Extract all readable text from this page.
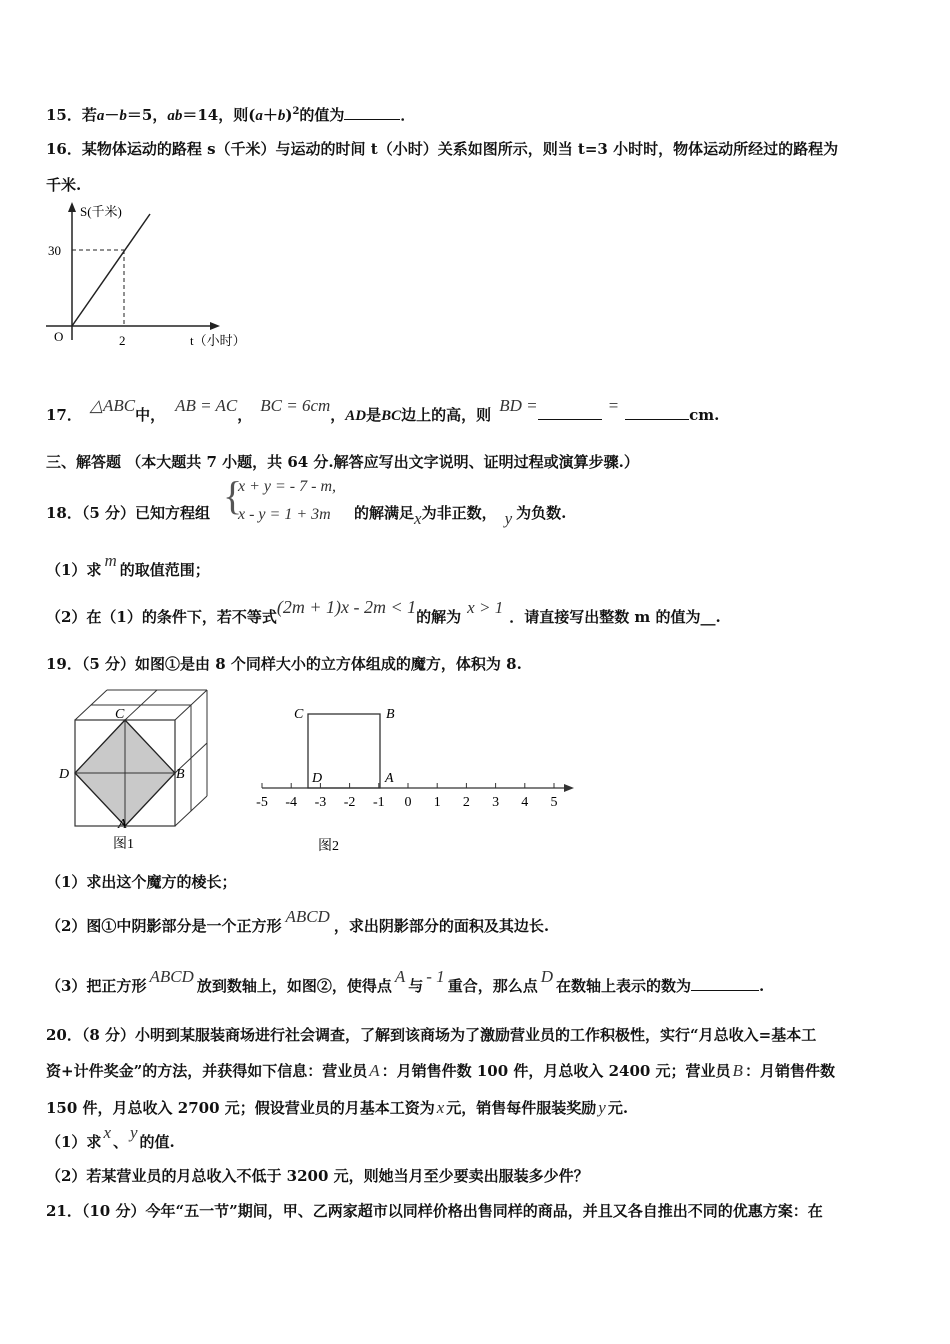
15．若a－b＝5，ab＝14，则$(a+b)^2$的值为	．
16．某物体运动的路程 s（千米）与运动的时间 t（小时）关系如图所示，则当 t=3 小时时，物体运动所经过的路程为
千米.
S(千米)
t（小时）
30
2
O
17． △ABC中， AB = AC， BC = 6cm，AD是BC边上的高，则 BD =	=	cm.
三、解答题 （本大题共 7 小题，共 64 分.解答应写出文字说明、证明过程或演算步骤.）
18．（5 分）已知方程组 {
x + y = - 7 - m,
x - y = 1 + 3m 的解满足x为非正数， y 为负数.
（1）求 m 的取值范围；
（2）在（1）的条件下，若不等式(2m + 1)x - 2m < 1的解为 x > 1 ．请直接写出整数 m 的值为__.
19．（5 分）如图①是由 8 个同样大小的立方体组成的魔方，体积为 8.
C
D	B
A
图1
-5 -4 -3 -2 -1 0 1 2 3 4 5
C	B
D	A
图2
（1）求出这个魔方的棱长；
（2）图①中阴影部分是一个正方形 ABCD ，求出阴影部分的面积及其边长.
（3）把正方形 ABCD 放到数轴上，如图②，使得点 A 与 - 1 重合，那么点 D 在数轴上表示的数为	.
20．（8 分）小明到某服装商场进行社会调查，了解到该商场为了激励营业员的工作积极性，实行“月总收入=基本工
资+计件奖金”的方法，并获得如下信息：营业员 A ：月销售件数 100 件，月总收入 2400 元；营业员 B ：月销售件数
150 件，月总收入 2700 元；假设营业员的月基本工资为 x 元，销售每件服装奖励 y 元.
（1）求 x 、 y 的值.
（2）若某营业员的月总收入不低于 3200 元，则她当月至少要卖出服装多少件？
21．（10 分）今年“五一节”期间，甲、乙两家超市以同样价格出售同样的商品，并且又各自推出不同的优惠方案：在
